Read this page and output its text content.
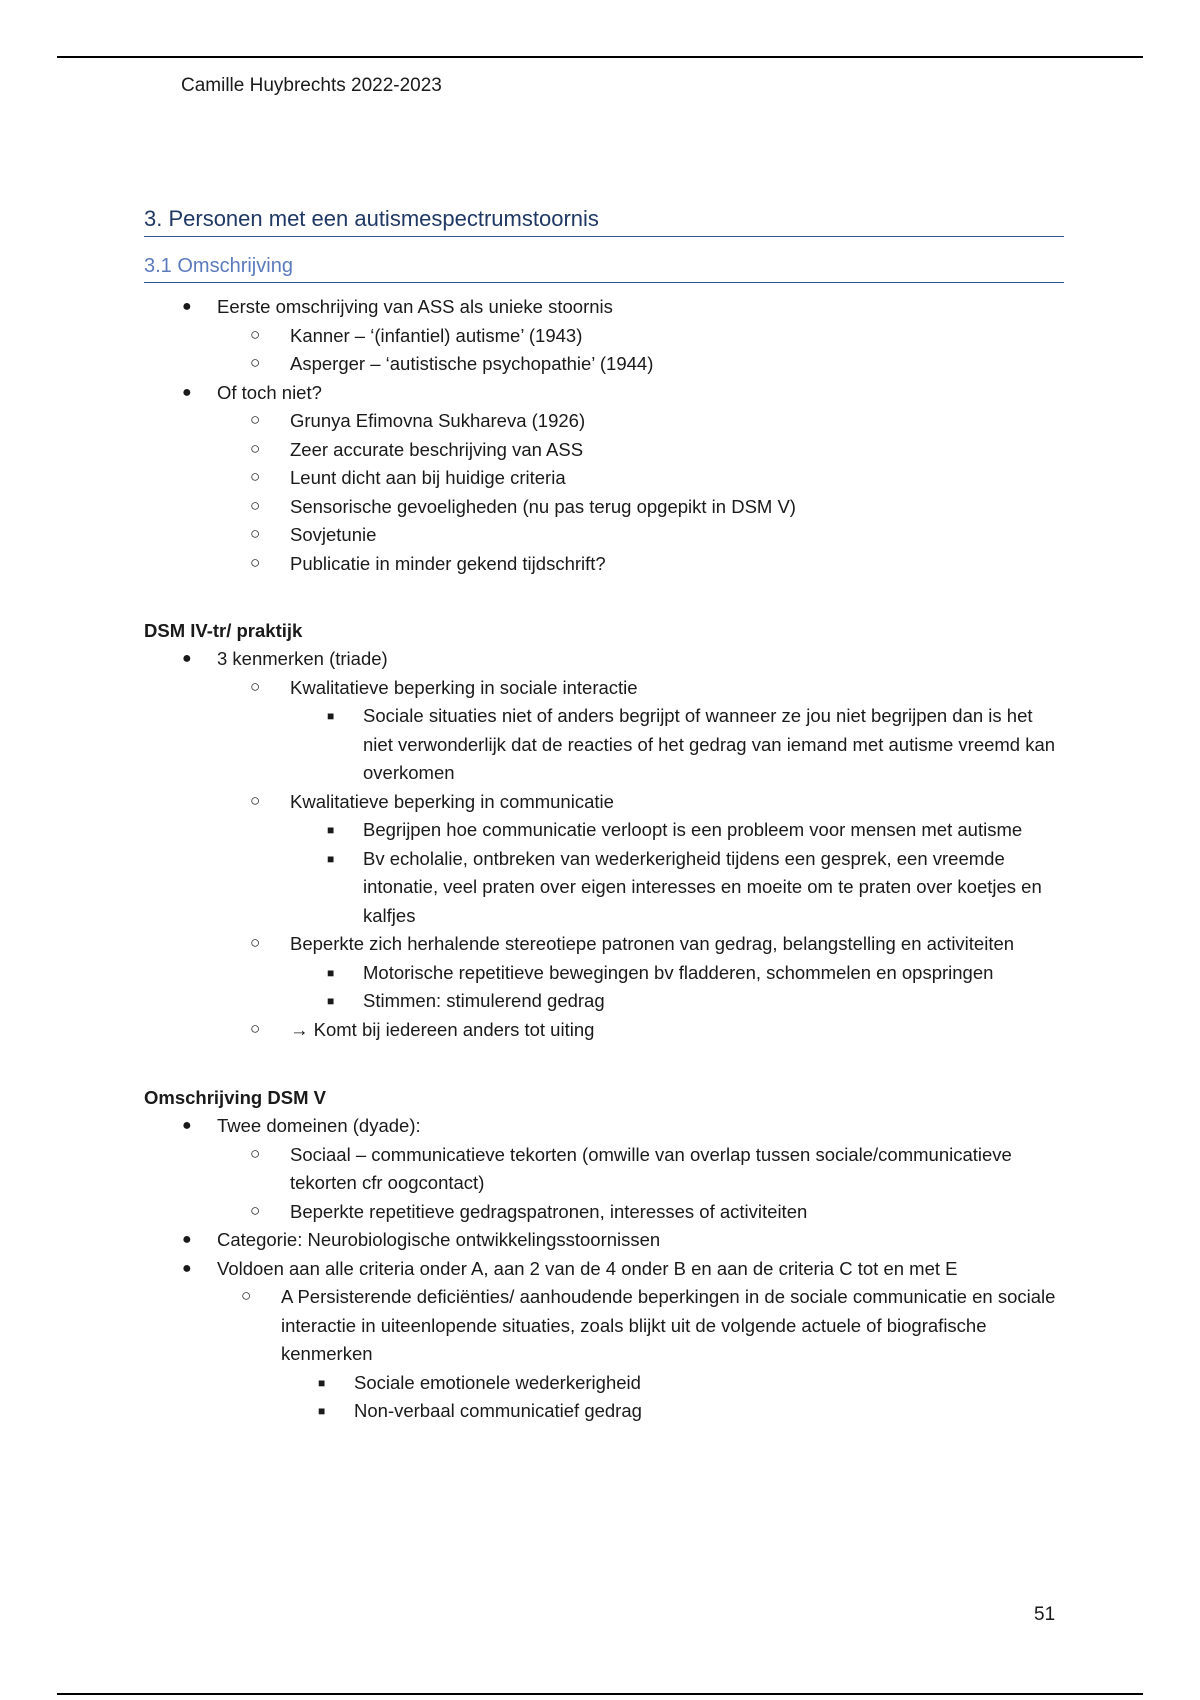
Camille Huybrechts 2022-2023
3. Personen met een autismespectrumstoornis
3.1 Omschrijving
● Eerste omschrijving van ASS als unieke stoornis
○ Kanner – ‘(infantiel) autisme’ (1943)
○ Asperger – ‘autistische psychopathie’ (1944)
● Of toch niet?
○ Grunya Efimovna Sukhareva (1926)
○ Zeer accurate beschrijving van ASS
○ Leunt dicht aan bij huidige criteria
○ Sensorische gevoeligheden (nu pas terug opgepikt in DSM V)
○ Sovjetunie
○ Publicatie in minder gekend tijdschrift?
DSM IV-tr/ praktijk
● 3 kenmerken (triade)
○ Kwalitatieve beperking in sociale interactie
■ Sociale situaties niet of anders begrijpt of wanneer ze jou niet begrijpen dan is het niet verwonderlijk dat de reacties of het gedrag van iemand met autisme vreemd kan overkomen
○ Kwalitatieve beperking in communicatie
■ Begrijpen hoe communicatie verloopt is een probleem voor mensen met autisme
■ Bv echolalie, ontbreken van wederkerigheid tijdens een gesprek, een vreemde intonatie, veel praten over eigen interesses en moeite om te praten over koetjes en kalfjes
○ Beperkte zich herhalende stereotiepe patronen van gedrag, belangstelling en activiteiten
■ Motorische repetitieve bewegingen bv fladderen, schommelen en opspringen
■ Stimmen: stimulerend gedrag
○ → Komt bij iedereen anders tot uiting
Omschrijving DSM V
● Twee domeinen (dyade):
○ Sociaal – communicatieve tekorten (omwille van overlap tussen sociale/communicatieve tekorten cfr oogcontact)
○ Beperkte repetitieve gedragspatronen, interesses of activiteiten
● Categorie: Neurobiologische ontwikkelingsstoornissen
● Voldoen aan alle criteria onder A, aan 2 van de 4 onder B en aan de criteria C tot en met E
○ A Persisterende deficiënties/ aanhoudende beperkingen in de sociale communicatie en sociale interactie in uiteenlopende situaties, zoals blijkt uit de volgende actuele of biografische kenmerken
■ Sociale emotionele wederkerigheid
■ Non-verbaal communicatief gedrag
51
